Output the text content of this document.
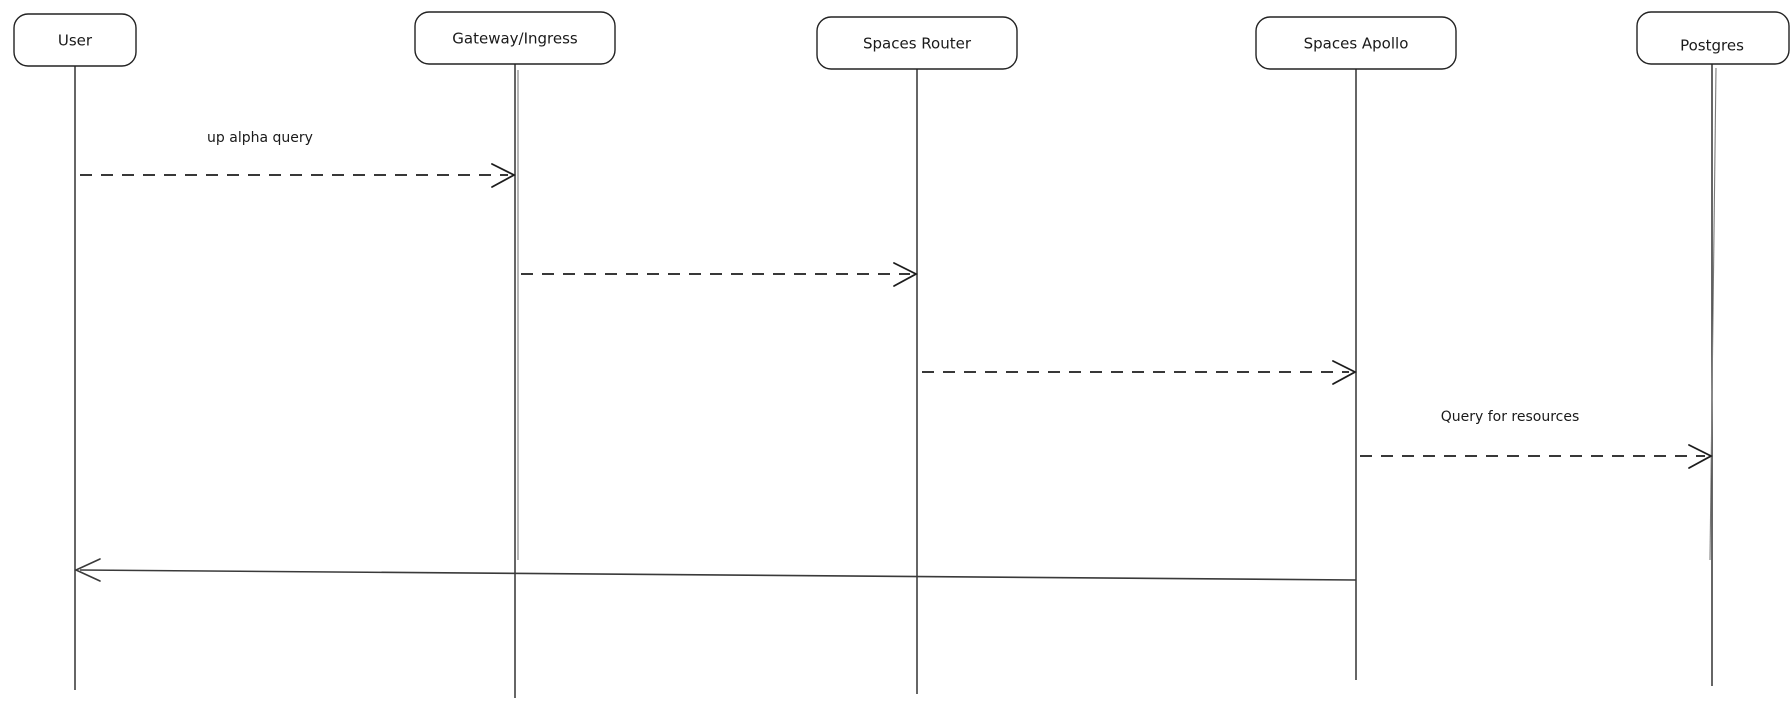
User	Gateway/Ingress	Spaces Router	Spaces Apollo	Postgres
up alpha query
Query for resources
